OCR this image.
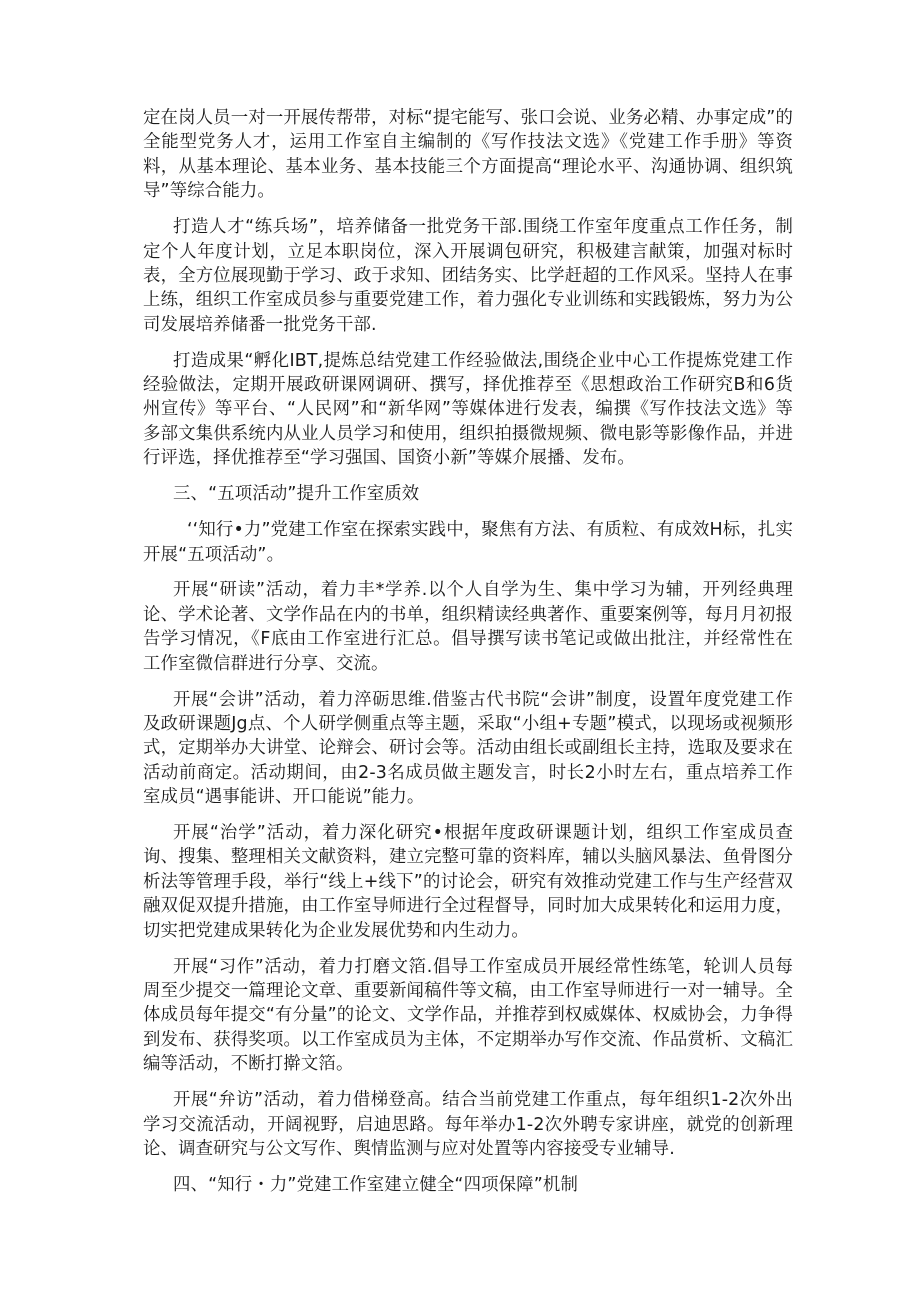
定在岗人员一对一开展传帮带，对标“提宅能写、张口会说、业务必精、办事定成”的全能型党务人才，运用工作室自主编制的《写作技法文选》《党建工作手册》等资料，从基本理论、基本业务、基本技能三个方面提高“理论水平、沟通协调、组织筑导”等综合能力。

打造人才“练兵场”，培养储备一批党务干部.围绕工作室年度重点工作任务，制定个人年度计划，立足本职岗位，深入开展调包研究，积极建言献策，加强对标时表，全方位展现勤于学习、政于求知、团结务实、比学赶超的工作风采。坚持人在事上练，组织工作室成员参与重要党建工作，着力强化专业训练和实践锻炼，努力为公司发展培养储番一批党务干部.

打造成果“孵化IBT,提炼总结党建工作经验做法,围绕企业中心工作提炼党建工作经验做法，定期开展政研课网调研、撰写，择优推荐至《思想政治工作研究B和6货州宣传》等平台、“人民网”和“新华网”等媒体进行发表，编撰《写作技法文选》等多部文集供系统内从业人员学习和使用，组织拍摄微规频、微电影等影像作品，并进行评选，择优推荐至“学习强国、国资小新”等媒介展播、发布。

三、“五项活动”提升工作室质效

‘‘知行•力”党建工作室在探索实践中，聚焦有方法、有质粒、有成效H标，扎实开展“五项活动”。

开展“研读”活动，着力丰*学养.以个人自学为生、集中学习为辅，开列经典理论、学术论著、文学作品在内的书单，组织精读经典著作、重要案例等，每月月初报告学习情况，《F底由工作室进行汇总。倡导撰写读书笔记或做出批注，并经常性在工作室微信群进行分享、交流。

开展“会讲”活动，着力淬砺思维.借鉴古代书院“会讲”制度，设置年度党建工作及政研课题Jg点、个人研学侧重点等主题，采取“小组+专题”模式，以现场或视频形式，定期举办大讲堂、论辩会、研讨会等。活动由组长或副组长主持，选取及要求在活动前商定。活动期间，由2-3名成员做主题发言，时长2小时左右，重点培养工作室成员“遇事能讲、开口能说”能力。

开展“治学”活动，着力深化研究•根据年度政研课题计划，组织工作室成员查询、搜集、整理相关文献资料，建立完整可靠的资料库，辅以头脑风暴法、鱼骨图分析法等管理手段，举行“线上+线下”的讨论会，研究有效推动党建工作与生产经营双融双促双提升措施，由工作室导师进行全过程督导，同时加大成果转化和运用力度，切实把党建成果转化为企业发展优势和内生动力。

开展“习作”活动，着力打磨文箔.倡导工作室成员开展经常性练笔，轮训人员每周至少提交一篇理论文章、重要新闻稿件等文稿，由工作室导师进行一对一辅导。全体成员每年提交“有分量”的论文、文学作品，并推荐到权威媒体、权威协会，力争得到发布、获得奖项。以工作室成员为主体，不定期举办写作交流、作品赏析、文稿汇编等活动，不断打擀文箔。

开展“弁访”活动，着力借梯登高。结合当前党建工作重点，每年组织1-2次外出学习交流活动，开阔视野，启迪思路。每年举办1-2次外聘专家讲座，就党的创新理论、调查研究与公文写作、舆情监测与应对处置等内容接受专业辅导.

四、“知行・力”党建工作室建立健全“四项保障”机制
